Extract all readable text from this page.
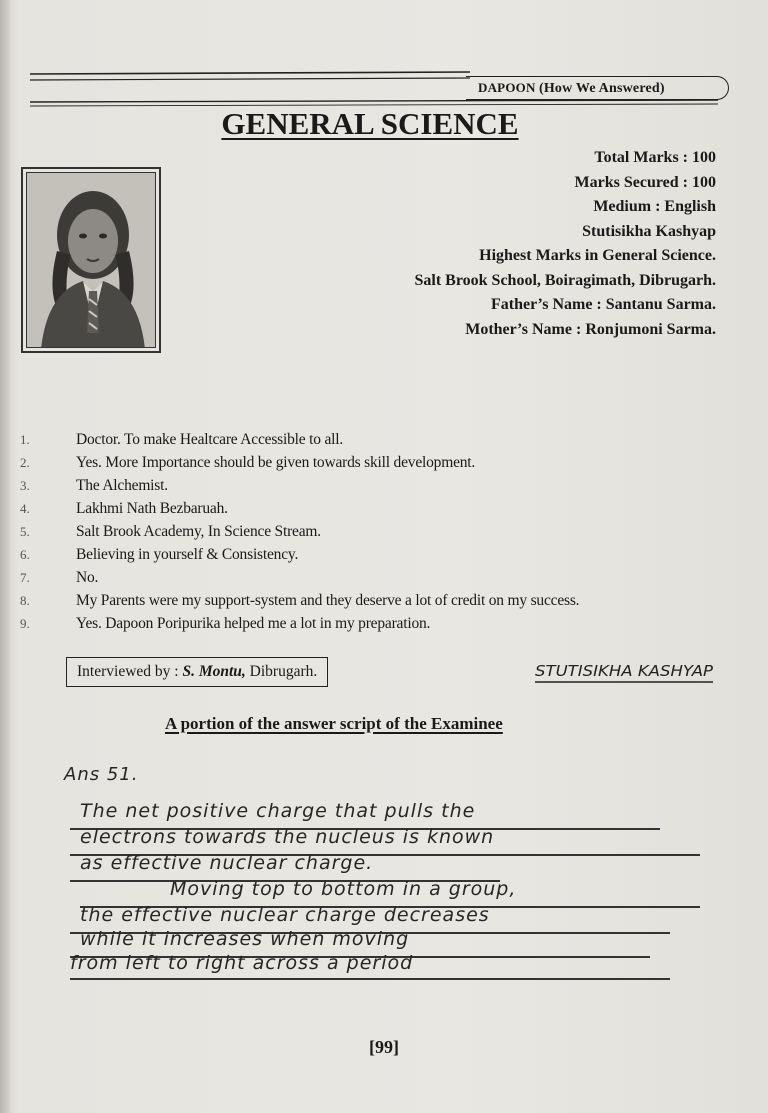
DAPOON (How We Answered)
GENERAL SCIENCE
Total Marks : 100
Marks Secured : 100
Medium : English
Stutisikha Kashyap
Highest Marks in General Science.
Salt Brook School, Boiragimath, Dibrugarh.
Father’s Name : Santanu Sarma.
Mother’s Name : Ronjumoni Sarma.
1.	Doctor. To make Healtcare Accessible to all.
2.	Yes. More Importance should be given towards skill development.
3.	The Alchemist.
4.	Lakhmi Nath Bezbaruah.
5.	Salt Brook Academy, In Science Stream.
6.	Believing in yourself & Consistency.
7.	No.
8.	My Parents were my support-system and they deserve a lot of credit on my success.
9.	Yes. Dapoon Poripurika helped me a lot in my preparation.
Interviewed by : S. Montu, Dibrugarh.	STUTISIKHA KASHYAP
A portion of the answer script of the Examinee
Ans 51.
The net positive charge that pulls the
electrons towards the nucleus is known
as effective nuclear charge.
Moving top to bottom in a group,
the effective nuclear charge decreases
while it increases when moving
from left to right across a period
[99]
